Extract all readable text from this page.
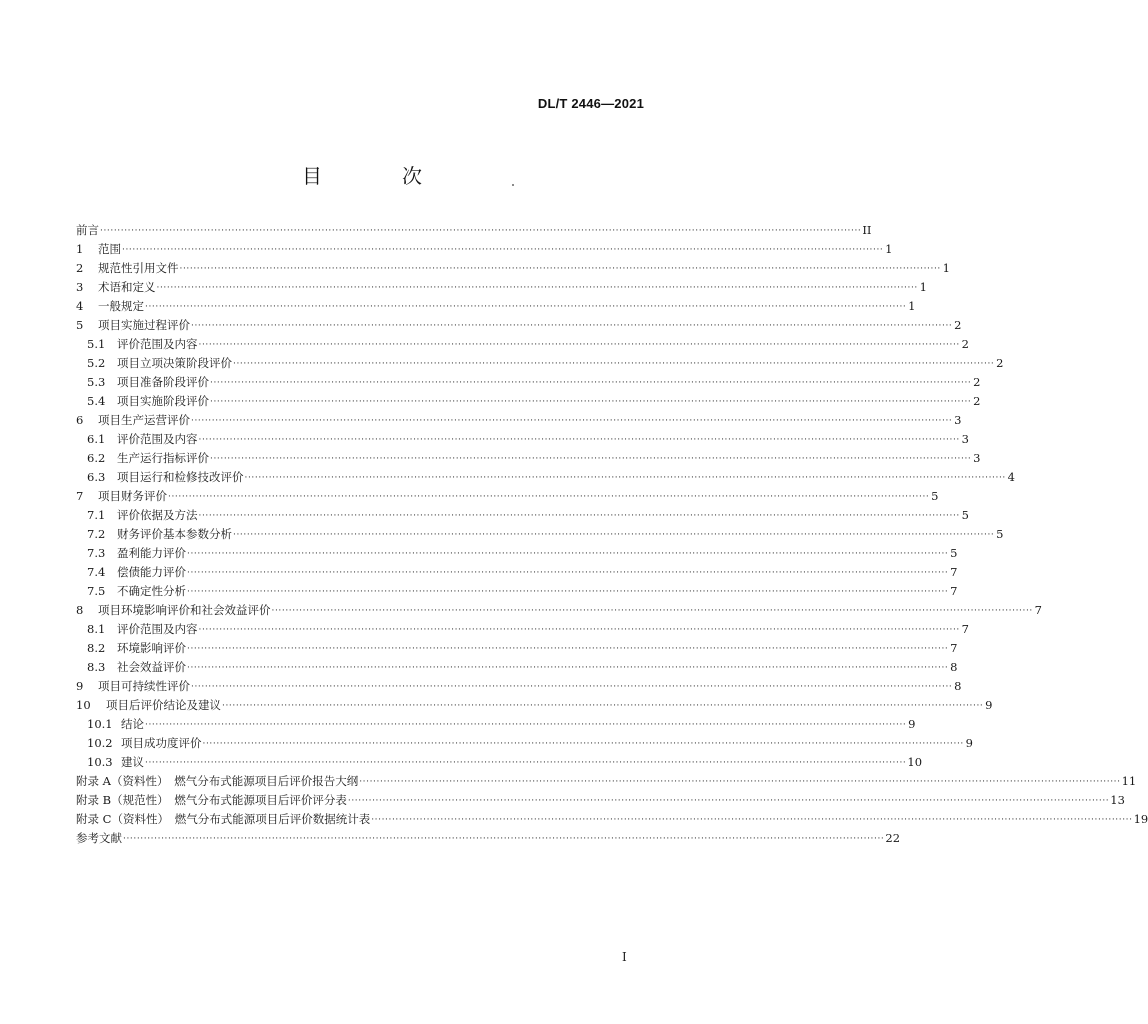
DL/T 2446—2021
目　次
前言 ···························································································································································································································· II
1	范围 ···························································································································································································································· 1
2	规范性引用文件 ···························································································································································································································· 1
3	术语和定义 ···························································································································································································································· 1
4	一般规定 ···························································································································································································································· 1
5	项目实施过程评价 ···························································································································································································································· 2
5.1	评价范围及内容 ···························································································································································································································· 2
5.2	项目立项决策阶段评价 ···························································································································································································································· 2
5.3	项目准备阶段评价 ···························································································································································································································· 2
5.4	项目实施阶段评价 ···························································································································································································································· 2
6	项目生产运营评价 ···························································································································································································································· 3
6.1	评价范围及内容 ···························································································································································································································· 3
6.2	生产运行指标评价 ···························································································································································································································· 3
6.3	项目运行和检修技改评价 ···························································································································································································································· 4
7	项目财务评价 ···························································································································································································································· 5
7.1	评价依据及方法 ···························································································································································································································· 5
7.2	财务评价基本参数分析 ···························································································································································································································· 5
7.3	盈利能力评价 ···························································································································································································································· 5
7.4	偿债能力评价 ···························································································································································································································· 7
7.5	不确定性分析 ···························································································································································································································· 7
8	项目环境影响评价和社会效益评价 ···························································································································································································································· 7
8.1	评价范围及内容 ···························································································································································································································· 7
8.2	环境影响评价 ···························································································································································································································· 7
8.3	社会效益评价 ···························································································································································································································· 8
9	项目可持续性评价 ···························································································································································································································· 8
10	项目后评价结论及建议 ···························································································································································································································· 9
10.1 结论 ···························································································································································································································· 9
10.2 项目成功度评价 ···························································································································································································································· 9
10.3 建议 ···························································································································································································································· 10
附录 A（资料性）　燃气分布式能源项目后评价报告大纲 ···························································································································································································································· 11
附录 B（规范性）　燃气分布式能源项目后评价评分表 ···························································································································································································································· 13
附录 C（资料性）　燃气分布式能源项目后评价数据统计表 ···························································································································································································································· 19
参考文献 ···························································································································································································································· 22
I
